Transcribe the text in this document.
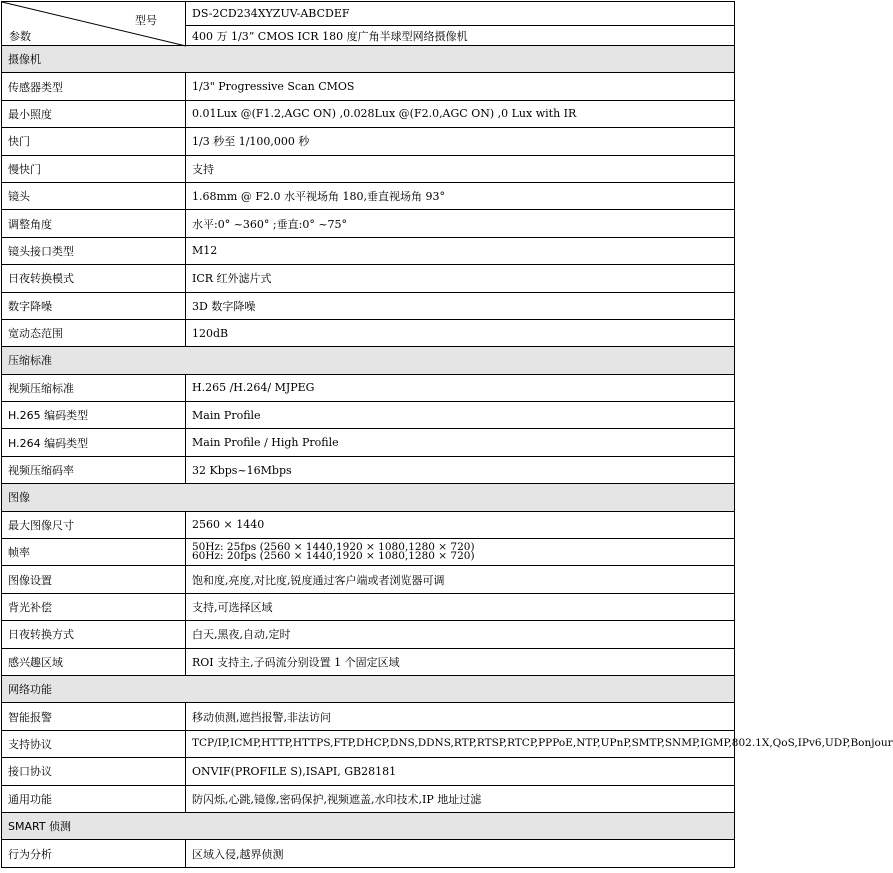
型号
参数	DS-2CD234XYZUV-ABCDEF
	400 万 1/3” CMOS ICR 180 度广角半球型网络摄像机
摄像机	
传感器类型	1/3" Progressive Scan CMOS
最小照度	0.01Lux @(F1.2,AGC ON) ,0.028Lux @(F2.0,AGC ON) ,0 Lux with IR
快门	1/3 秒至 1/100,000 秒
慢快门	支持
镜头	1.68mm @ F2.0 水平视场角 180,垂直视场角 93°
调整角度	水平:0° ~360° ;垂直:0° ~75°
镜头接口类型	M12
日夜转换模式	ICR 红外滤片式
数字降噪	3D 数字降噪
宽动态范围	120dB
压缩标准	
视频压缩标准	H.265 /H.264/ MJPEG
H.265 编码类型	Main Profile
H.264 编码类型	Main Profile / High Profile
视频压缩码率	32 Kbps~16Mbps
图像	
最大图像尺寸	2560 × 1440
帧率	50Hz: 25fps (2560 × 1440,1920 × 1080,1280 × 720)
60Hz: 20fps (2560 × 1440,1920 × 1080,1280 × 720)

图像设置	饱和度,亮度,对比度,锐度通过客户端或者浏览器可调
背光补偿	支持,可选择区域
日夜转换方式	白天,黑夜,自动,定时
感兴趣区域	ROI 支持主,子码流分别设置 1 个固定区域
网络功能	
智能报警	移动侦测,遮挡报警,非法访问
支持协议	TCP/IP,ICMP,HTTP,HTTPS,FTP,DHCP,DNS,DDNS,RTP,RTSP,RTCP,PPPoE,NTP,UPnP,SMTP,SNMP,IGMP,802.1X,QoS,IPv6,UDP,Bonjour
接口协议	ONVIF(PROFILE S),ISAPI, GB28181
通用功能	防闪烁,心跳,镜像,密码保护,视频遮盖,水印技术,IP 地址过滤
SMART 侦测	
行为分析	区域入侵,越界侦测
